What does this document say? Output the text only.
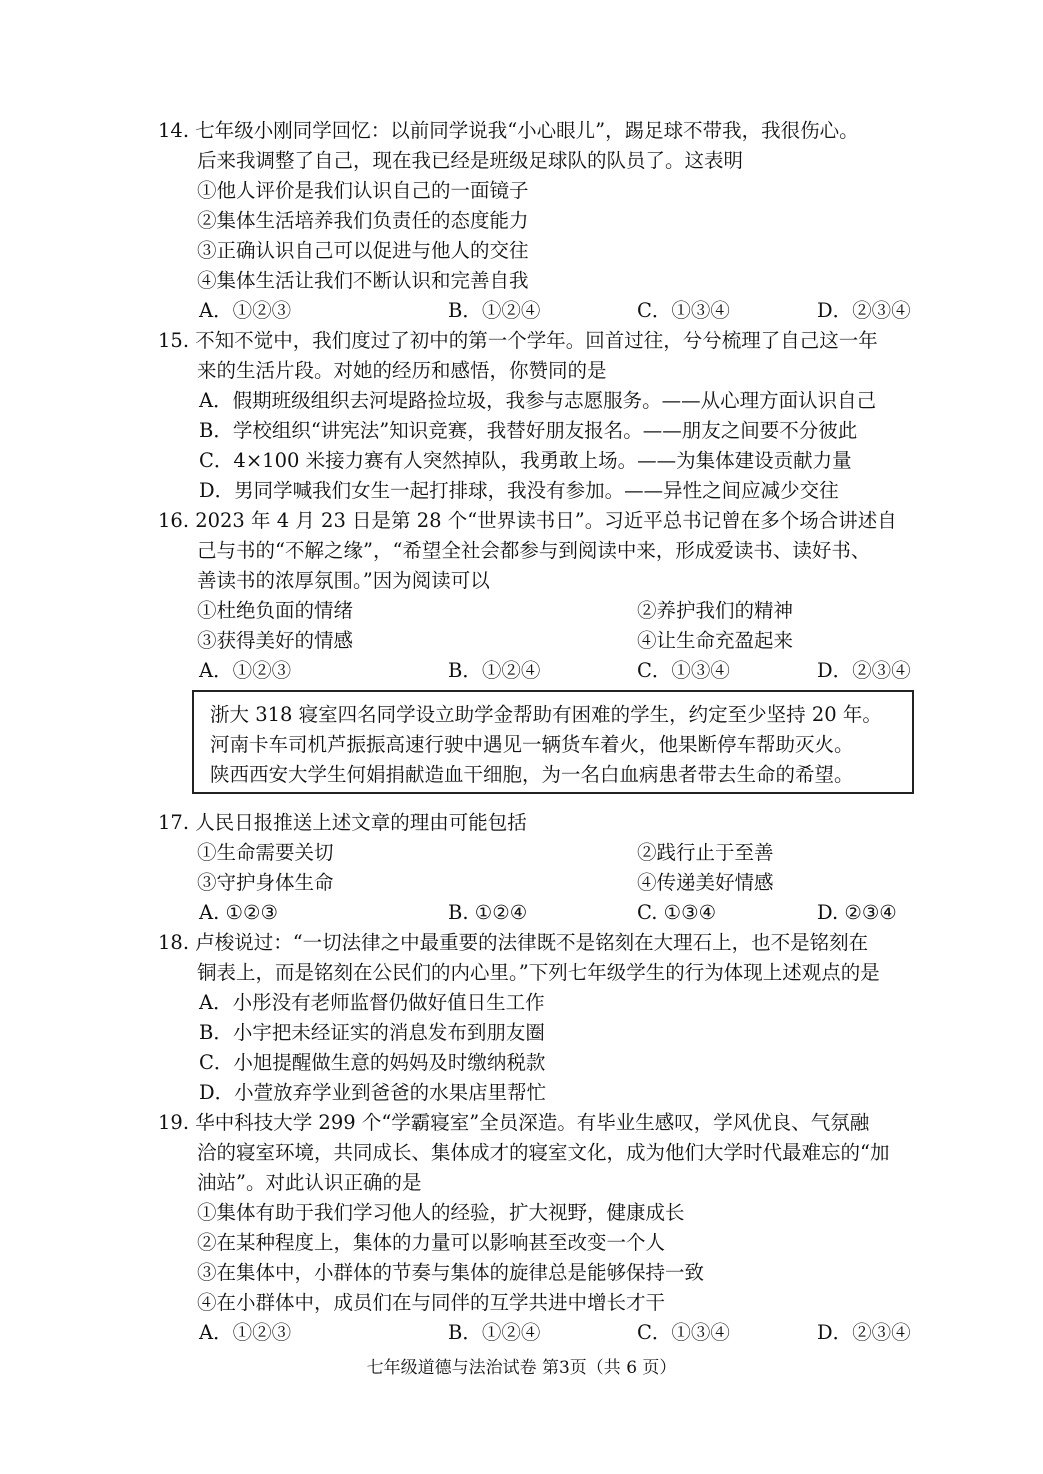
14. 七年级小刚同学回忆：以前同学说我“小心眼儿”，踢足球不带我，我很伤心。
后来我调整了自己，现在我已经是班级足球队的队员了。这表明
①他人评价是我们认识自己的一面镜子
②集体生活培养我们负责任的态度能力
③正确认识自己可以促进与他人的交往
④集体生活让我们不断认识和完善自我
A．①②③	B．①②④	C．①③④	D．②③④
15. 不知不觉中，我们度过了初中的第一个学年。回首过往，兮兮梳理了自己这一年
来的生活片段。对她的经历和感悟，你赞同的是
A．假期班级组织去河堤路捡垃圾，我参与志愿服务。——从心理方面认识自己
B．学校组织“讲宪法”知识竞赛，我替好朋友报名。——朋友之间要不分彼此
C．4×100 米接力赛有人突然掉队，我勇敢上场。——为集体建设贡献力量
D．男同学喊我们女生一起打排球，我没有参加。——异性之间应减少交往
16. 2023 年 4 月 23 日是第 28 个“世界读书日”。习近平总书记曾在多个场合讲述自
己与书的“不解之缘”，“希望全社会都参与到阅读中来，形成爱读书、读好书、
善读书的浓厚氛围。”因为阅读可以
①杜绝负面的情绪	②养护我们的精神
③获得美好的情感	④让生命充盈起来
A．①②③	B．①②④	C．①③④	D．②③④
浙大 318 寝室四名同学设立助学金帮助有困难的学生，约定至少坚持 20 年。
河南卡车司机芦振振高速行驶中遇见一辆货车着火，他果断停车帮助灭火。
陕西西安大学生何娟捐献造血干细胞，为一名白血病患者带去生命的希望。
17. 人民日报推送上述文章的理由可能包括
①生命需要关切	②践行止于至善
③守护身体生命	④传递美好情感
A. ①②③	B. ①②④	C. ①③④	D. ②③④
18. 卢梭说过：“一切法律之中最重要的法律既不是铭刻在大理石上，也不是铭刻在
铜表上，而是铭刻在公民们的内心里。”下列七年级学生的行为体现上述观点的是
A．小彤没有老师监督仍做好值日生工作
B．小宇把未经证实的消息发布到朋友圈
C．小旭提醒做生意的妈妈及时缴纳税款
D．小萱放弃学业到爸爸的水果店里帮忙
19. 华中科技大学 299 个“学霸寝室”全员深造。有毕业生感叹，学风优良、气氛融
洽的寝室环境，共同成长、集体成才的寝室文化，成为他们大学时代最难忘的“加
油站”。对此认识正确的是
①集体有助于我们学习他人的经验，扩大视野，健康成长
②在某种程度上，集体的力量可以影响甚至改变一个人
③在集体中，小群体的节奏与集体的旋律总是能够保持一致
④在小群体中，成员们在与同伴的互学共进中增长才干
A．①②③	B．①②④	C．①③④	D．②③④
七年级道德与法治试卷 第3页（共 6 页）
